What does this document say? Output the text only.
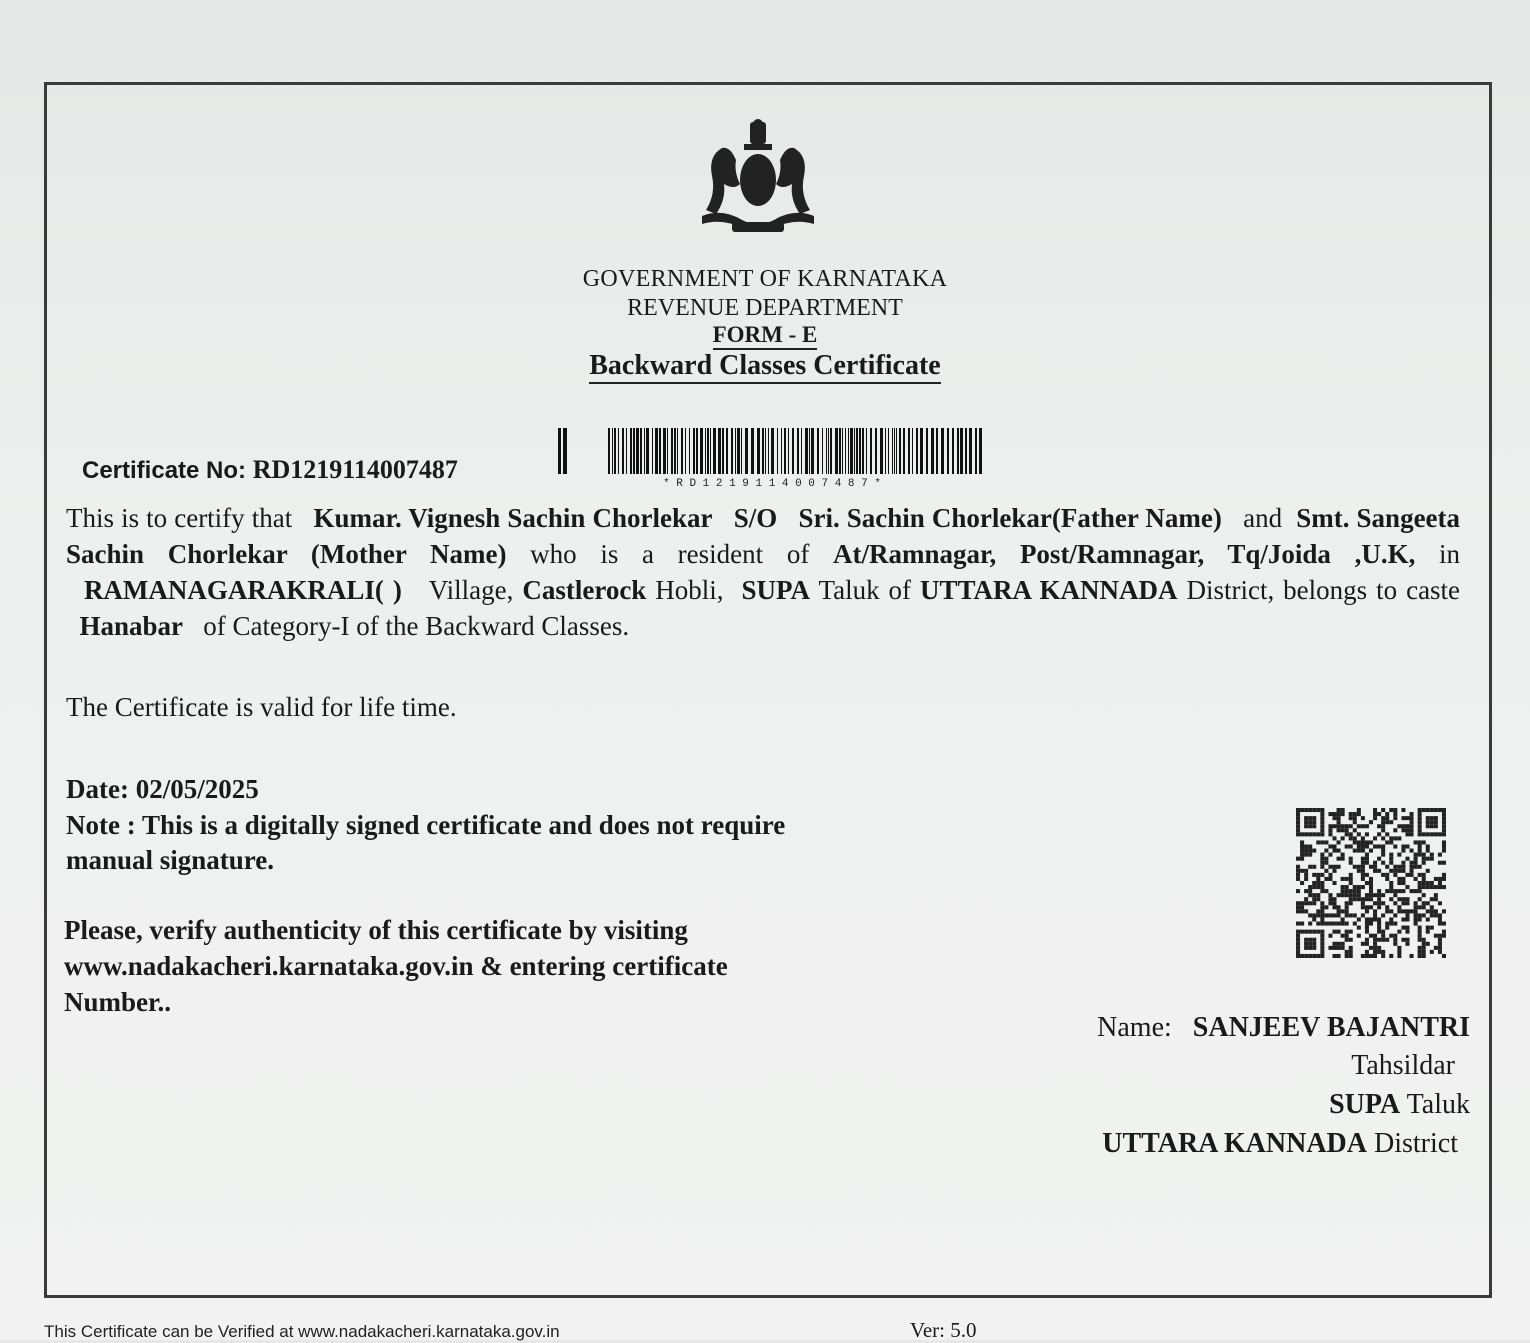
GOVERNMENT OF KARNATAKA
REVENUE DEPARTMENT
FORM - E
Backward Classes Certificate
Certificate No: RD1219114007487	* R D 1 2 1 9 1 1 4 0 0 7 4 8 7 *
This is to certify that Kumar. Vignesh Sachin Chorlekar S/O Sri. Sachin Chorlekar(Father Name) and Smt. Sangeeta Sachin Chorlekar (Mother Name) who is a resident of At/Ramnagar, Post/Ramnagar, Tq/Joida ,U.K, in   RAMANAGARAKRALI( ) Village, Castlerock Hobli, SUPA Taluk of UTTARA KANNADA District, belongs to caste   Hanabar of Category-I of the Backward Classes.
The Certificate is valid for life time.
Date: 02/05/2025
Note : This is a digitally signed certificate and does not require manual signature.
Please, verify authenticity of this certificate by visiting www.nadakacheri.karnataka.gov.in & entering certificate Number..
Name: SANJEEV BAJANTRI
Tahsildar
SUPA Taluk
UTTARA KANNADA District
This Certificate can be Verified at www.nadakacheri.karnataka.gov.in	Ver: 5.0
